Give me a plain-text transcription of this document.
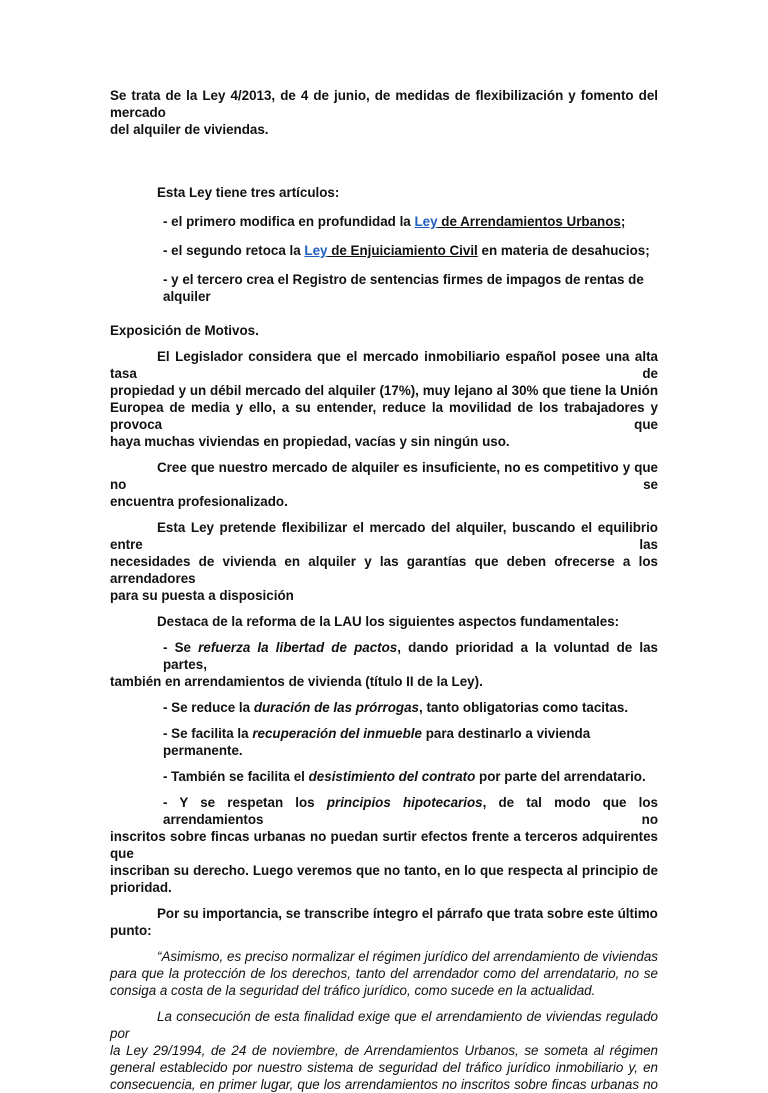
Se trata de la Ley 4/2013, de 4 de junio, de medidas de flexibilización y fomento del mercado

del alquiler de viviendas.

Esta Ley tiene tres artículos:

- el primero modifica en profundidad la Ley de Arrendamientos Urbanos;

- el segundo retoca la Ley de Enjuiciamiento Civil en materia de desahucios;

- y el tercero crea el Registro de sentencias firmes de impagos de rentas de alquiler

Exposición de Motivos.

El Legislador considera que el mercado inmobiliario español posee una alta tasa de

propiedad y un débil mercado del alquiler (17%), muy lejano al 30% que tiene la Unión

Europea de media y ello, a su entender, reduce la movilidad de los trabajadores y provoca que

haya muchas viviendas en propiedad, vacías y sin ningún uso.

Cree que nuestro mercado de alquiler es insuficiente, no es competitivo y que no se

encuentra profesionalizado.

Esta Ley pretende flexibilizar el mercado del alquiler, buscando el equilibrio entre las

necesidades de vivienda en alquiler y las garantías que deben ofrecerse a los arrendadores

para su puesta a disposición

Destaca de la reforma de la LAU los siguientes aspectos fundamentales:

- Se refuerza la libertad de pactos, dando prioridad a la voluntad de las partes,

también en arrendamientos de vivienda (título II de la Ley).

- Se reduce la duración de las prórrogas, tanto obligatorias como tacitas.

- Se facilita la recuperación del inmueble para destinarlo a vivienda permanente.

- También se facilita el desistimiento del contrato por parte del arrendatario.

- Y se respetan los principios hipotecarios, de tal modo que los arrendamientos no

inscritos sobre fincas urbanas no puedan surtir efectos frente a terceros adquirentes que

inscriban su derecho. Luego veremos que no tanto, en lo que respecta al principio de

prioridad.

Por su importancia, se transcribe íntegro el párrafo que trata sobre este último punto:

“Asimismo, es preciso normalizar el régimen jurídico del arrendamiento de viviendas

para que la protección de los derechos, tanto del arrendador como del arrendatario, no se

consiga a costa de la seguridad del tráfico jurídico, como sucede en la actualidad.

La consecución de esta finalidad exige que el arrendamiento de viviendas regulado por

la Ley 29/1994, de 24 de noviembre, de Arrendamientos Urbanos, se someta al régimen

general establecido por nuestro sistema de seguridad del tráfico jurídico inmobiliario y, en

consecuencia, en primer lugar, que los arrendamientos no inscritos sobre fincas urbanas no
